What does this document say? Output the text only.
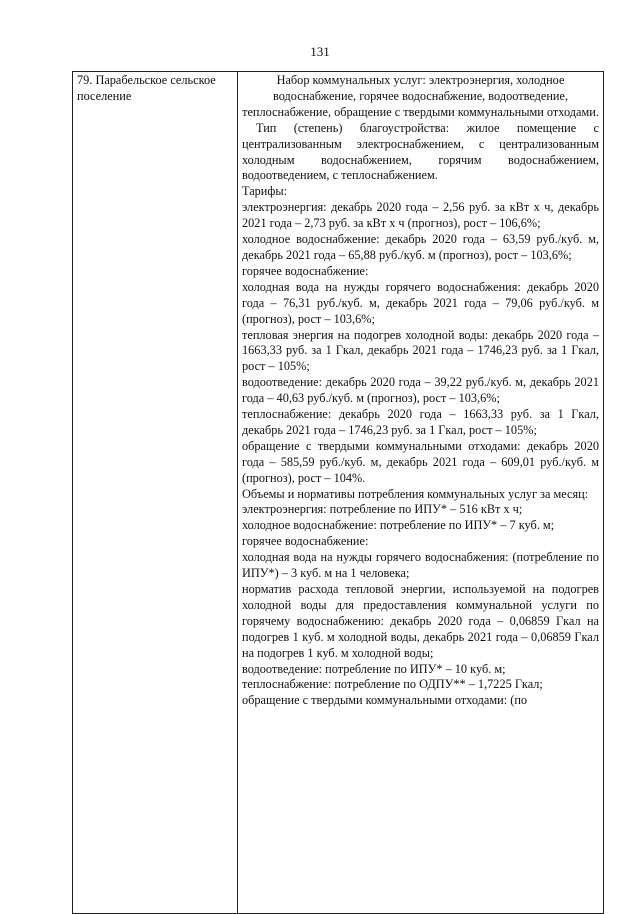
131
79. Парабельское сельское поселение	

Набор коммунальных услуг: электроэнергия, холодное водоснабжение, горячее водоснабжение, водоотведение, теплоснабжение, обращение с твердыми коммунальными отходами.

Тип (степень) благоустройства: жилое помещение с централизованным электроснабжением, с централизованным холодным водоснабжением, горячим водоснабжением, водоотведением, с теплоснабжением.

Тарифы:

электроэнергия: декабрь 2020 года – 2,56 руб. за кВт х ч, декабрь 2021 года – 2,73 руб. за кВт х ч (прогноз), рост – 106,6%;

холодное водоснабжение: декабрь 2020 года – 63,59 руб./куб. м, декабрь 2021 года – 65,88 руб./куб. м (прогноз), рост – 103,6%;

горячее водоснабжение:

холодная вода на нужды горячего водоснабжения: декабрь 2020 года – 76,31 руб./куб. м, декабрь 2021 года – 79,06 руб./куб. м (прогноз), рост – 103,6%;

тепловая энергия на подогрев холодной воды: декабрь 2020 года – 1663,33 руб. за 1 Гкал, декабрь 2021 года – 1746,23 руб. за 1 Гкал, рост – 105%;

водоотведение: декабрь 2020 года – 39,22 руб./куб. м, декабрь 2021 года – 40,63 руб./куб. м (прогноз), рост – 103,6%;

теплоснабжение: декабрь 2020 года – 1663,33 руб. за 1 Гкал, декабрь 2021 года – 1746,23 руб. за 1 Гкал, рост – 105%;

обращение с твердыми коммунальными отходами: декабрь 2020 года – 585,59 руб./куб. м, декабрь 2021 года – 609,01 руб./куб. м (прогноз), рост – 104%.

Объемы и нормативы потребления коммунальных услуг за месяц:

электроэнергия: потребление по ИПУ* – 516 кВт х ч;

холодное водоснабжение: потребление по ИПУ* – 7 куб. м;

горячее водоснабжение:

холодная вода на нужды горячего водоснабжения: (потребление по ИПУ*) – 3 куб. м на 1 человека;

норматив расхода тепловой энергии, используемой на подогрев холодной воды для предоставления коммунальной услуги по горячему водоснабжению: декабрь 2020 года – 0,06859 Гкал на подогрев 1 куб. м холодной воды, декабрь 2021 года – 0,06859 Гкал на подогрев 1 куб. м холодной воды;

водоотведение: потребление по ИПУ* – 10 куб. м;

теплоснабжение: потребление по ОДПУ** – 1,7225 Гкал;

обращение с твердыми коммунальными отходами: (по
